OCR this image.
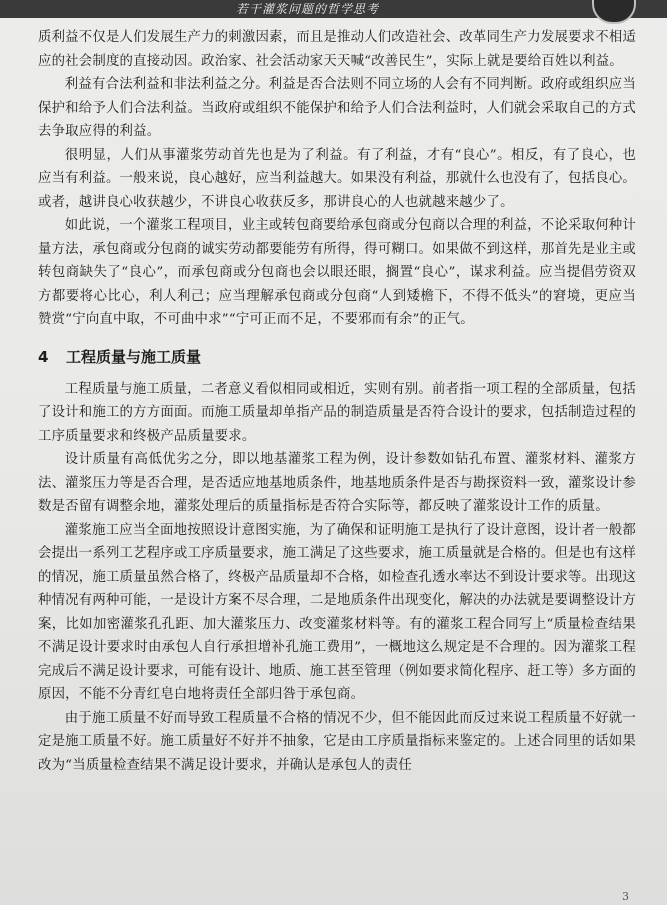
若干灌浆问题的哲学思考

质利益不仅是人们发展生产力的刺激因素，而且是推动人们改造社会、改革同生产力发展要求不相适应的社会制度的直接动因。政治家、社会活动家天天喊“改善民生”，实际上就是要给百姓以利益。

利益有合法利益和非法利益之分。利益是否合法则不同立场的人会有不同判断。政府或组织应当保护和给予人们合法利益。当政府或组织不能保护和给予人们合法利益时，人们就会采取自己的方式去争取应得的利益。

很明显，人们从事灌浆劳动首先也是为了利益。有了利益，才有“良心”。相反，有了良心，也应当有利益。一般来说，良心越好，应当利益越大。如果没有利益，那就什么也没有了，包括良心。或者，越讲良心收获越少，不讲良心收获反多，那讲良心的人也就越来越少了。

如此说，一个灌浆工程项目，业主或转包商要给承包商或分包商以合理的利益，不论采取何种计量方法，承包商或分包商的诚实劳动都要能劳有所得，得可糊口。如果做不到这样，那首先是业主或转包商缺失了“良心”，而承包商或分包商也会以眼还眼，搁置“良心”，谋求利益。应当提倡劳资双方都要将心比心，利人利己；应当理解承包商或分包商“人到矮檐下，不得不低头”的窘境，更应当赞赏“宁向直中取，不可曲中求”“宁可正而不足，不要邪而有余”的正气。

4 工程质量与施工质量

工程质量与施工质量，二者意义看似相同或相近，实则有别。前者指一项工程的全部质量，包括了设计和施工的方方面面。而施工质量却单指产品的制造质量是否符合设计的要求，包括制造过程的工序质量要求和终极产品质量要求。

设计质量有高低优劣之分，即以地基灌浆工程为例，设计参数如钻孔布置、灌浆材料、灌浆方法、灌浆压力等是否合理，是否适应地基地质条件，地基地质条件是否与勘探资料一致，灌浆设计参数是否留有调整余地，灌浆处理后的质量指标是否符合实际等，都反映了灌浆设计工作的质量。

灌浆施工应当全面地按照设计意图实施，为了确保和证明施工是执行了设计意图，设计者一般都会提出一系列工艺程序或工序质量要求，施工满足了这些要求，施工质量就是合格的。但是也有这样的情况，施工质量虽然合格了，终极产品质量却不合格，如检查孔透水率达不到设计要求等。出现这种情况有两种可能，一是设计方案不尽合理，二是地质条件出现变化，解决的办法就是要调整设计方案，比如加密灌浆孔孔距、加大灌浆压力、改变灌浆材料等。有的灌浆工程合同写上“质量检查结果不满足设计要求时由承包人自行承担增补孔施工费用”，一概地这么规定是不合理的。因为灌浆工程完成后不满足设计要求，可能有设计、地质、施工甚至管理（例如要求简化程序、赶工等）多方面的原因，不能不分青红皂白地将责任全部归咎于承包商。

由于施工质量不好而导致工程质量不合格的情况不少，但不能因此而反过来说工程质量不好就一定是施工质量不好。施工质量好不好并不抽象，它是由工序质量指标来鉴定的。上述合同里的话如果改为“当质量检查结果不满足设计要求，并确认是承包人的责任

3
